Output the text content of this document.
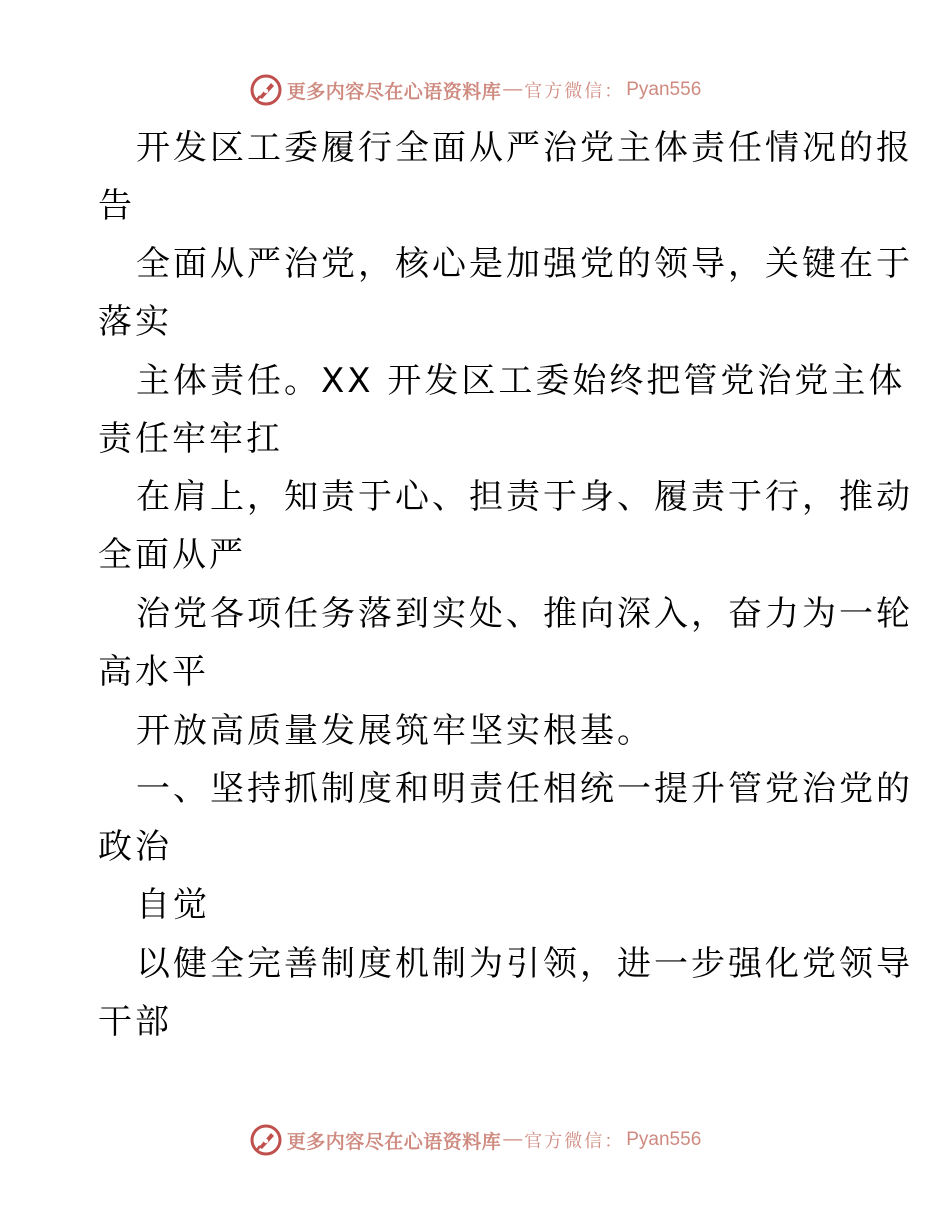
更多内容尽在心语资料库 — 官方微信： Pyan556
开发区工委履行全面从严治党主体责任情况的报
告
全面从严治党，核心是加强党的领导，关键在于
落实
主体责任。XX 开发区工委始终把管党治党主体
责任牢牢扛
在肩上，知责于心、担责于身、履责于行，推动
全面从严
治党各项任务落到实处、推向深入，奋力为一轮
高水平
开放高质量发展筑牢坚实根基。
一、坚持抓制度和明责任相统一提升管党治党的
政治
自觉
以健全完善制度机制为引领，进一步强化党领导
干部
更多内容尽在心语资料库 — 官方微信： Pyan556
